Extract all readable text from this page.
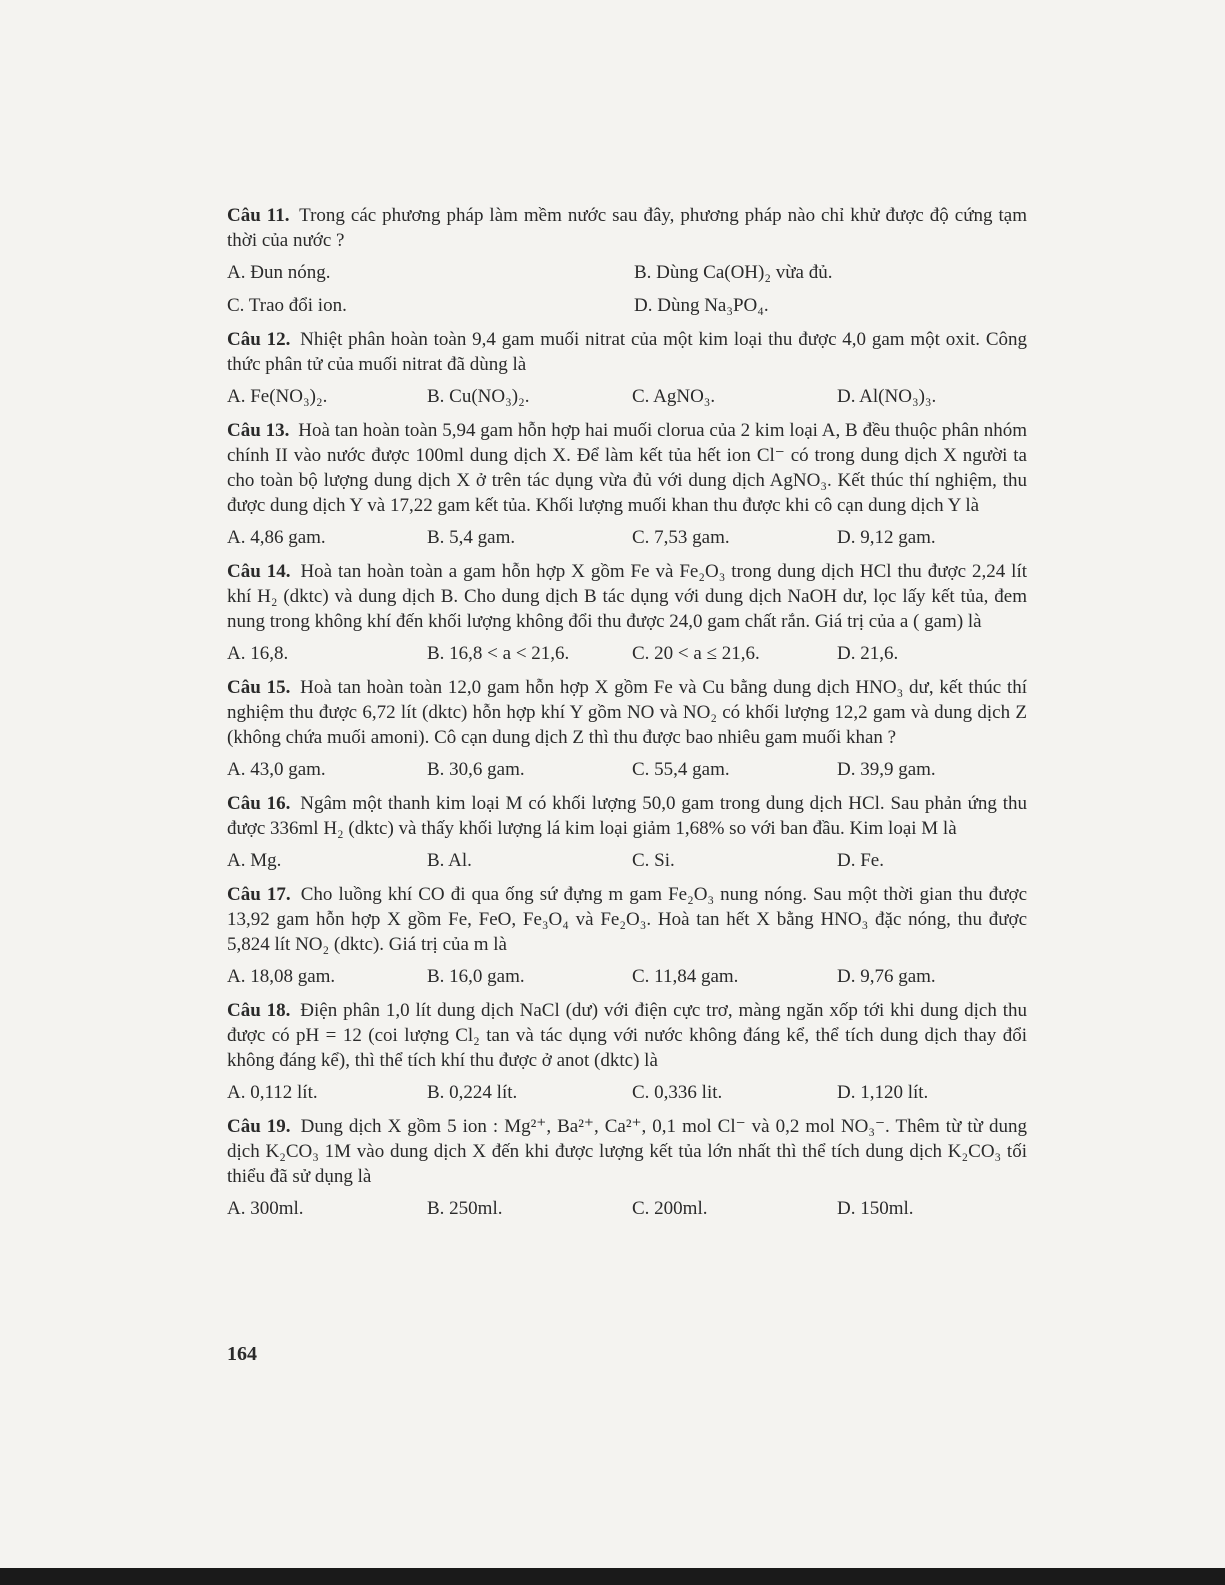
Câu 11. Trong các phương pháp làm mềm nước sau đây, phương pháp nào chỉ khử được độ cứng tạm thời của nước ?

A. Đun nóng.	B. Dùng Ca(OH)₂ vừa đủ.
C. Trao đổi ion.	D. Dùng Na₃PO₄.

Câu 12. Nhiệt phân hoàn toàn 9,4 gam muối nitrat của một kim loại thu được 4,0 gam một oxit. Công thức phân tử của muối nitrat đã dùng là

A. Fe(NO₃)₂.	B. Cu(NO₃)₂.	C. AgNO₃.	D. Al(NO₃)₃.

Câu 13. Hoà tan hoàn toàn 5,94 gam hỗn hợp hai muối clorua của 2 kim loại A, B đều thuộc phân nhóm chính II vào nước được 100ml dung dịch X. Để làm kết tủa hết ion Cl⁻ có trong dung dịch X người ta cho toàn bộ lượng dung dịch X ở trên tác dụng vừa đủ với dung dịch AgNO₃. Kết thúc thí nghiệm, thu được dung dịch Y và 17,22 gam kết tủa. Khối lượng muối khan thu được khi cô cạn dung dịch Y là

A. 4,86 gam.	B. 5,4 gam.	C. 7,53 gam.	D. 9,12 gam.

Câu 14. Hoà tan hoàn toàn a gam hỗn hợp X gồm Fe và Fe₂O₃ trong dung dịch HCl thu được 2,24 lít khí H₂ (dktc) và dung dịch B. Cho dung dịch B tác dụng với dung dịch NaOH dư, lọc lấy kết tủa, đem nung trong không khí đến khối lượng không đổi thu được 24,0 gam chất rắn. Giá trị của a ( gam) là

A. 16,8.	B. 16,8 < a < 21,6.	C. 20 < a ≤ 21,6.	D. 21,6.

Câu 15. Hoà tan hoàn toàn 12,0 gam hỗn hợp X gồm Fe và Cu bằng dung dịch HNO₃ dư, kết thúc thí nghiệm thu được 6,72 lít (dktc) hỗn hợp khí Y gồm NO và NO₂ có khối lượng 12,2 gam và dung dịch Z (không chứa muối amoni). Cô cạn dung dịch Z thì thu được bao nhiêu gam muối khan ?

A. 43,0 gam.	B. 30,6 gam.	C. 55,4 gam.	D. 39,9 gam.

Câu 16. Ngâm một thanh kim loại M có khối lượng 50,0 gam trong dung dịch HCl. Sau phản ứng thu được 336ml H₂ (dktc) và thấy khối lượng lá kim loại giảm 1,68% so với ban đầu. Kim loại M là

A. Mg.	B. Al.	C. Si.	D. Fe.

Câu 17. Cho luồng khí CO đi qua ống sứ đựng m gam Fe₂O₃ nung nóng. Sau một thời gian thu được 13,92 gam hỗn hợp X gồm Fe, FeO, Fe₃O₄ và Fe₂O₃. Hoà tan hết X bằng HNO₃ đặc nóng, thu được 5,824 lít NO₂ (dktc). Giá trị của m là

A. 18,08 gam.	B. 16,0 gam.	C. 11,84 gam.	D. 9,76 gam.

Câu 18. Điện phân 1,0 lít dung dịch NaCl (dư) với điện cực trơ, màng ngăn xốp tới khi dung dịch thu được có pH = 12 (coi lượng Cl₂ tan và tác dụng với nước không đáng kể, thể tích dung dịch thay đổi không đáng kể), thì thể tích khí thu được ở anot (dktc) là

A. 0,112 lít.	B. 0,224 lít.	C. 0,336 lit.	D. 1,120 lít.

Câu 19. Dung dịch X gồm 5 ion : Mg²⁺, Ba²⁺, Ca²⁺, 0,1 mol Cl⁻ và 0,2 mol NO₃⁻. Thêm từ từ dung dịch K₂CO₃ 1M vào dung dịch X đến khi được lượng kết tủa lớn nhất thì thể tích dung dịch K₂CO₃ tối thiểu đã sử dụng là

A. 300ml.	B. 250ml.	C. 200ml.	D. 150ml.
164
